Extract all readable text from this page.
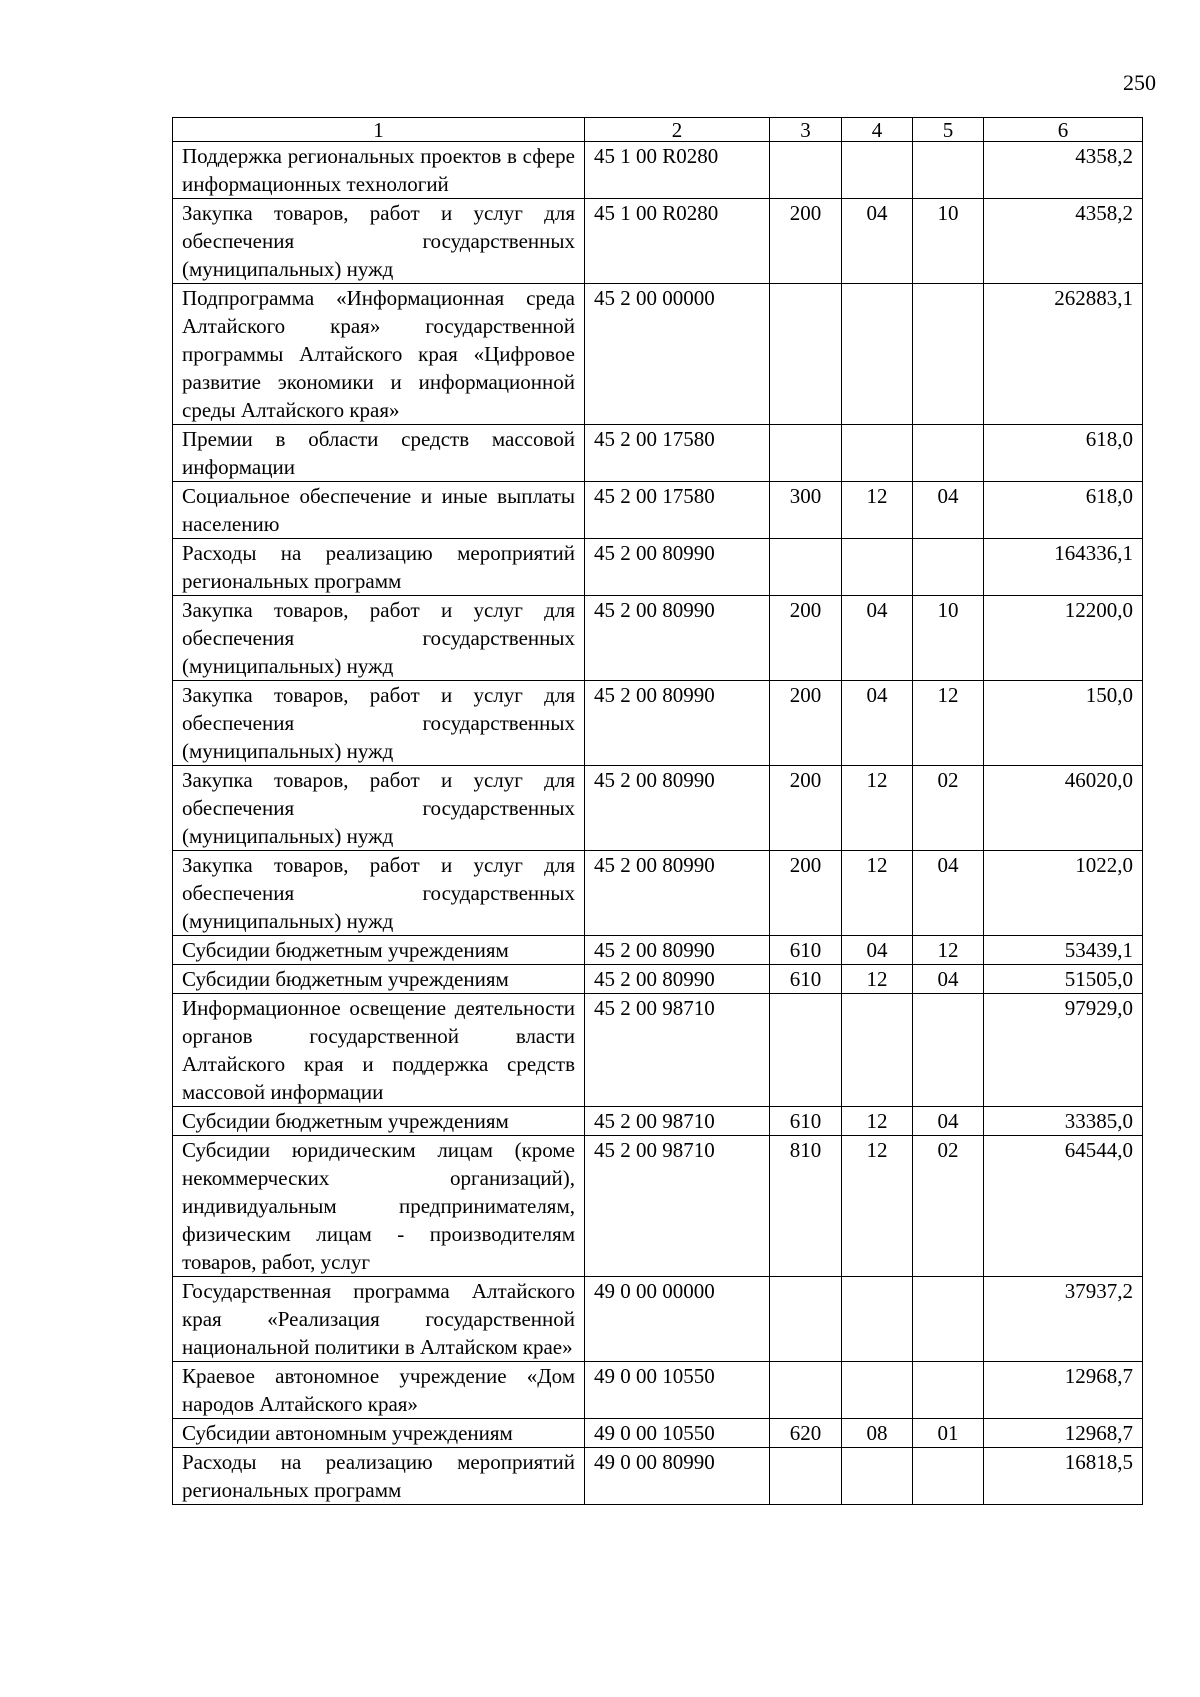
250
1	2	3	4	5	6
Поддержка региональных проектов в сфере информационных технологий	45 1 00 R0280				4358,2
Закупка товаров, работ и услуг для обеспечения государственных (муниципальных) нужд	45 1 00 R0280	200	04	10	4358,2
Подпрограмма «Информационная среда Алтайского края» государственной программы Алтайского края «Цифровое развитие экономики и информационной среды Алтайского края»	45 2 00 00000				262883,1
Премии в области средств массовой информации	45 2 00 17580				618,0
Социальное обеспечение и иные выплаты населению	45 2 00 17580	300	12	04	618,0
Расходы на реализацию мероприятий региональных программ	45 2 00 80990				164336,1
Закупка товаров, работ и услуг для обеспечения государственных (муниципальных) нужд	45 2 00 80990	200	04	10	12200,0
Закупка товаров, работ и услуг для обеспечения государственных (муниципальных) нужд	45 2 00 80990	200	04	12	150,0
Закупка товаров, работ и услуг для обеспечения государственных (муниципальных) нужд	45 2 00 80990	200	12	02	46020,0
Закупка товаров, работ и услуг для обеспечения государственных (муниципальных) нужд	45 2 00 80990	200	12	04	1022,0
Субсидии бюджетным учреждениям	45 2 00 80990	610	04	12	53439,1
Субсидии бюджетным учреждениям	45 2 00 80990	610	12	04	51505,0
Информационное освещение деятельности органов государственной власти Алтайского края и поддержка средств массовой информации	45 2 00 98710				97929,0
Субсидии бюджетным учреждениям	45 2 00 98710	610	12	04	33385,0
Субсидии юридическим лицам (кроме некоммерческих организаций), индивидуальным предпринимателям, физическим лицам - производителям товаров, работ, услуг	45 2 00 98710	810	12	02	64544,0
Государственная программа Алтайского края «Реализация государственной национальной политики в Алтайском крае»	49 0 00 00000				37937,2
Краевое автономное учреждение «Дом народов Алтайского края»	49 0 00 10550				12968,7
Субсидии автономным учреждениям	49 0 00 10550	620	08	01	12968,7
Расходы на реализацию мероприятий региональных программ	49 0 00 80990				16818,5
